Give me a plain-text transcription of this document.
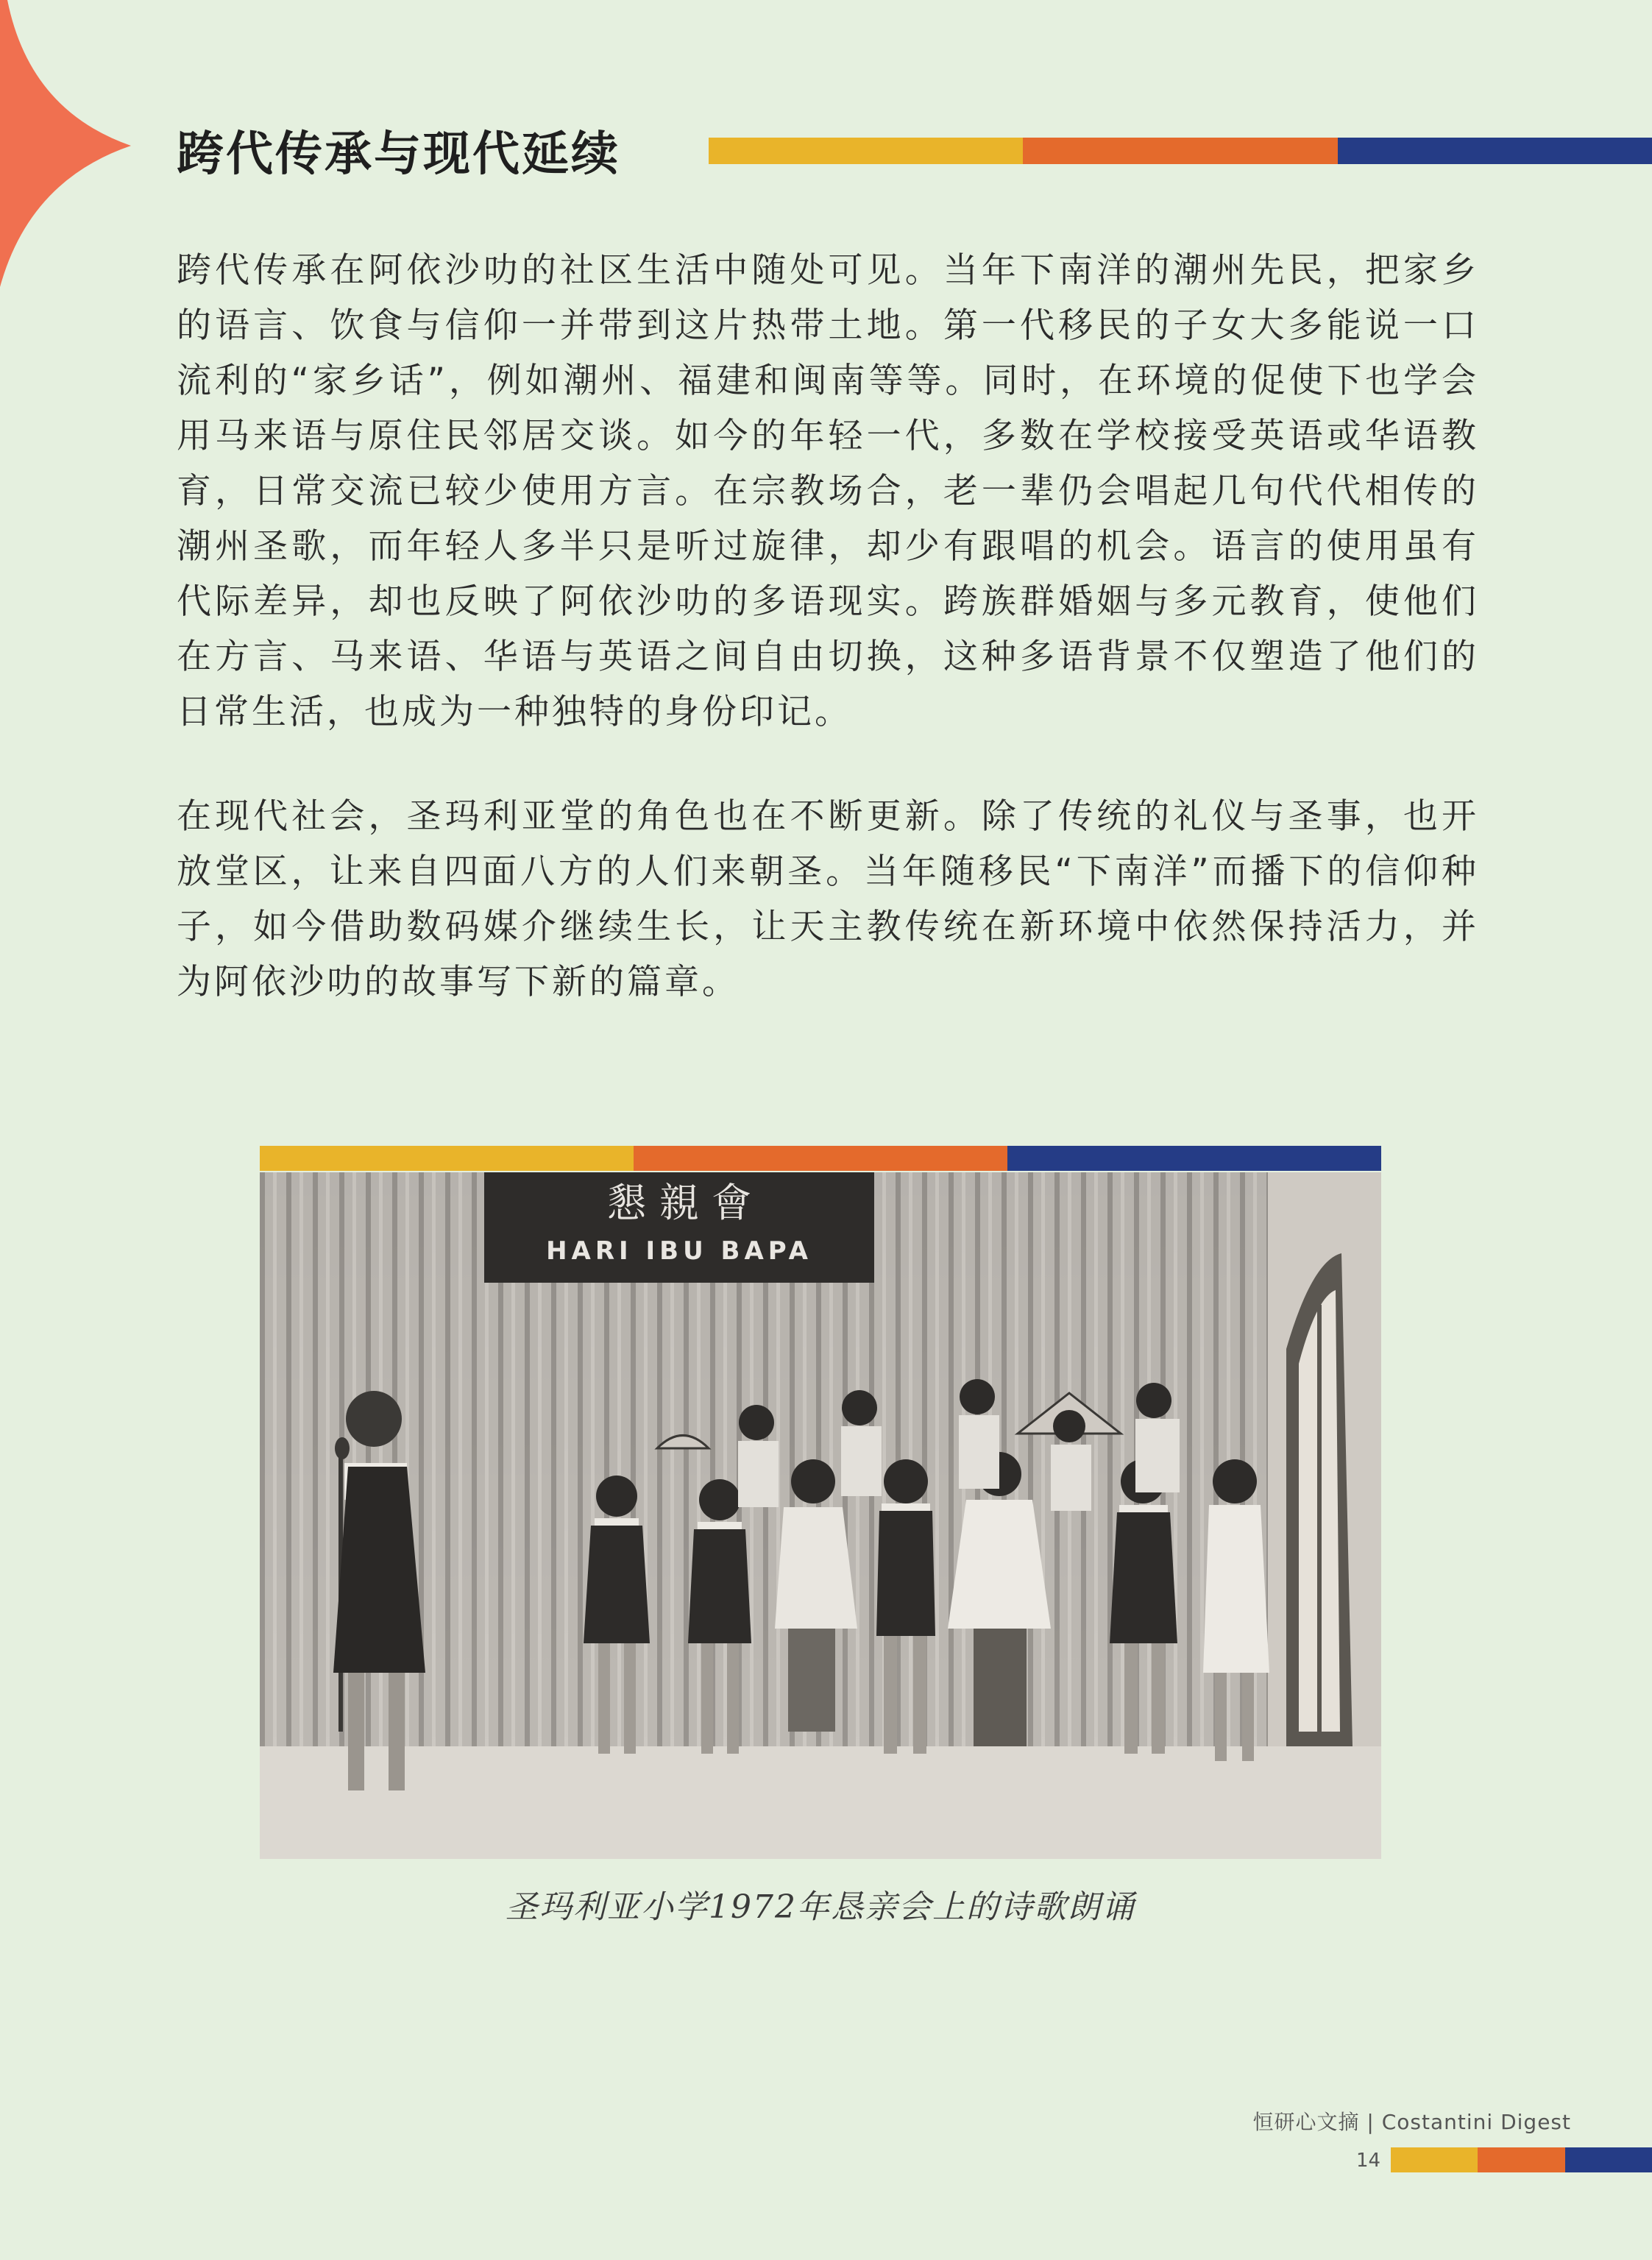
跨代传承与现代延续

跨代传承在阿依沙叻的社区生活中随处可见。当年下南洋的潮州先民，把家乡的语言、饮食与信仰一并带到这片热带土地。第一代移民的子女大多能说一口流利的“家乡话”，例如潮州、福建和闽南等等。同时，在环境的促使下也学会用马来语与原住民邻居交谈。如今的年轻一代，多数在学校接受英语或华语教育，日常交流已较少使用方言。在宗教场合，老一辈仍会唱起几句代代相传的潮州圣歌，而年轻人多半只是听过旋律，却少有跟唱的机会。语言的使用虽有代际差异，却也反映了阿依沙叻的多语现实。跨族群婚姻与多元教育，使他们在方言、马来语、华语与英语之间自由切换，这种多语背景不仅塑造了他们的日常生活，也成为一种独特的身份印记。

在现代社会，圣玛利亚堂的角色也在不断更新。除了传统的礼仪与圣事，也开放堂区，让来自四面八方的人们来朝圣。当年随移民“下南洋”而播下的信仰种子，如今借助数码媒介继续生长，让天主教传统在新环境中依然保持活力，并为阿依沙叻的故事写下新的篇章。

懇 親 會
HARI IBU BAPA
圣玛利亚小学1972年恳亲会上的诗歌朗诵
恒研心文摘 | Costantini Digest
14
